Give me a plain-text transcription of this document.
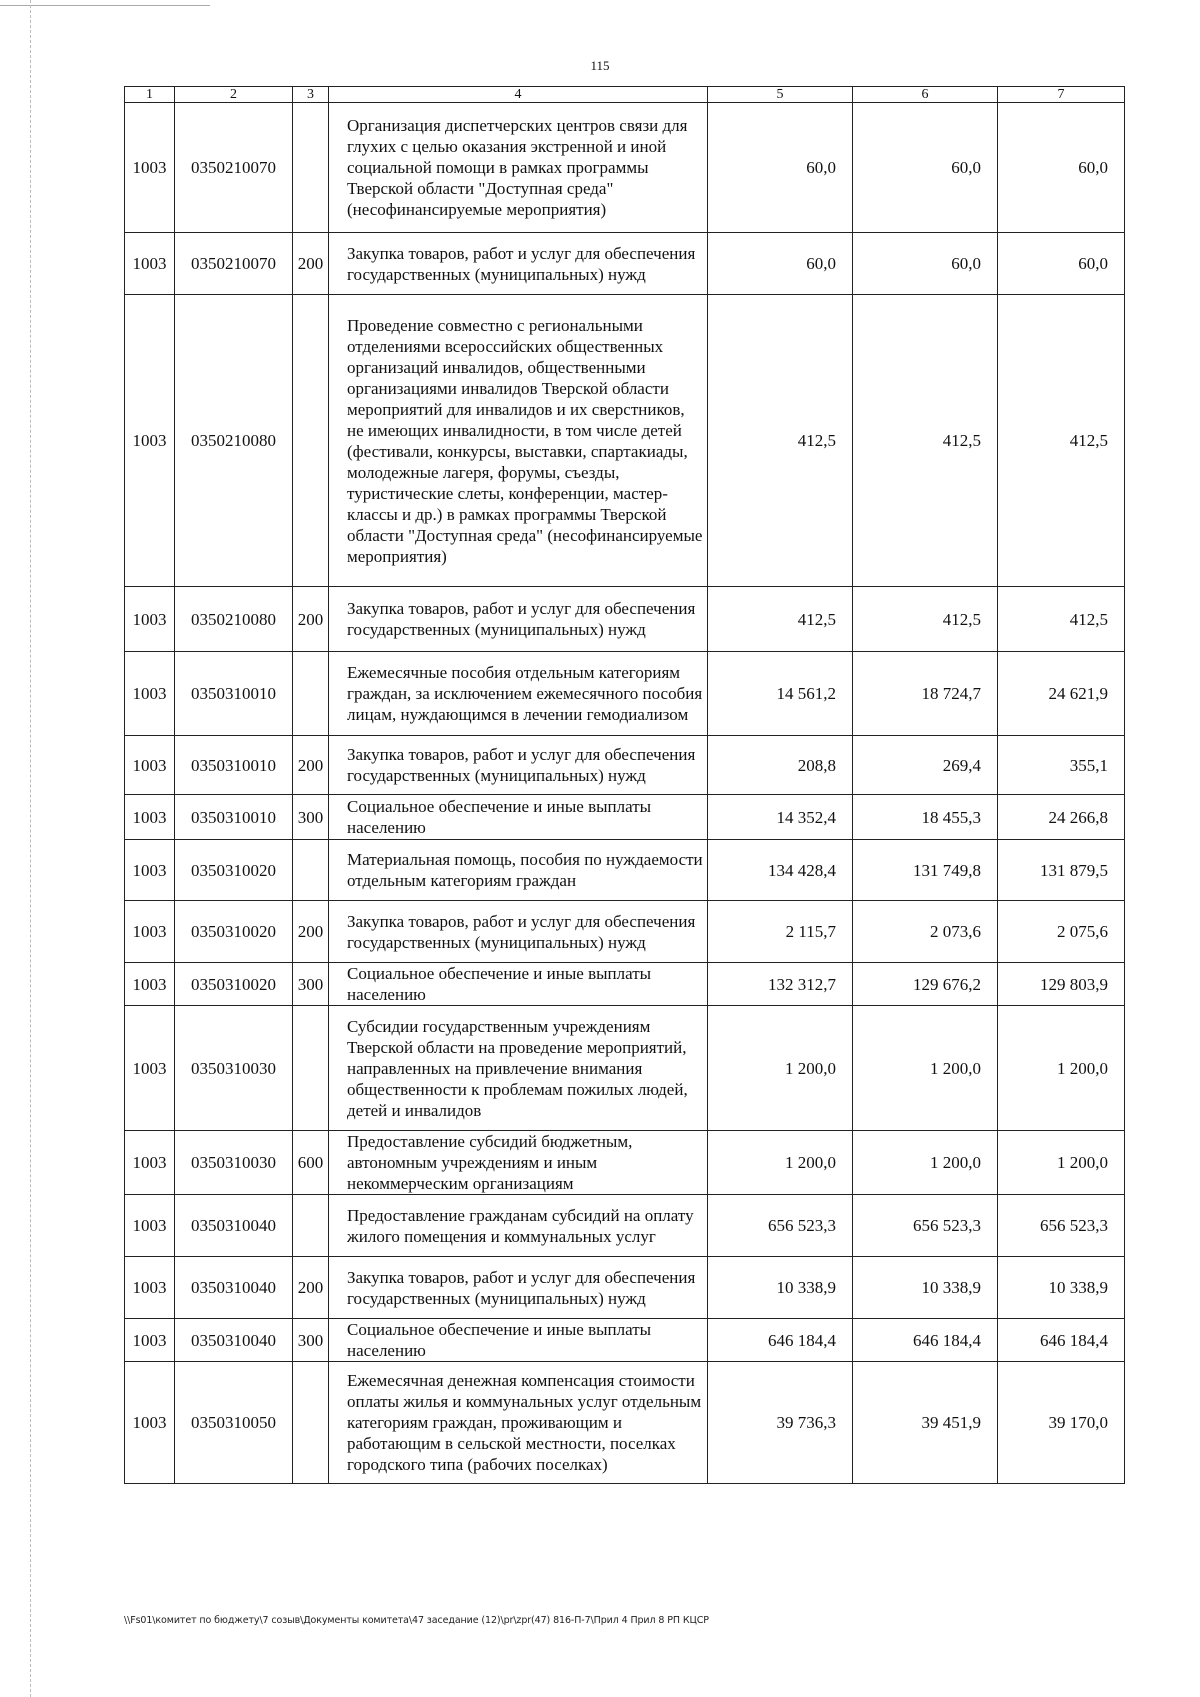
115
1	2	3	4	5	6	7
1003	0350210070		Организация диспетчерских центров связи для глухих с целью оказания экстренной и иной социальной помощи в рамках программы Тверской области "Доступная среда" (несофинансируемые мероприятия)	60,0	60,0	60,0
1003	0350210070	200	Закупка товаров, работ и услуг для обеспечения государственных (муниципальных) нужд	60,0	60,0	60,0
1003	0350210080		Проведение совместно с региональными отделениями всероссийских общественных организаций инвалидов, общественными организациями инвалидов Тверской области мероприятий для инвалидов и их сверстников, не имеющих инвалидности, в том числе детей (фестивали, конкурсы, выставки, спартакиады, молодежные лагеря, форумы, съезды, туристические слеты, конференции, мастер-классы и др.) в рамках программы Тверской области "Доступная среда" (несофинансируемые мероприятия)	412,5	412,5	412,5
1003	0350210080	200	Закупка товаров, работ и услуг для обеспечения государственных (муниципальных) нужд	412,5	412,5	412,5
1003	0350310010		Ежемесячные пособия отдельным категориям граждан, за исключением ежемесячного пособия лицам, нуждающимся в лечении гемодиализом	14 561,2	18 724,7	24 621,9
1003	0350310010	200	Закупка товаров, работ и услуг для обеспечения государственных (муниципальных) нужд	208,8	269,4	355,1
1003	0350310010	300	Социальное обеспечение и иные выплаты населению	14 352,4	18 455,3	24 266,8
1003	0350310020		Материальная помощь, пособия по нуждаемости отдельным категориям граждан	134 428,4	131 749,8	131 879,5
1003	0350310020	200	Закупка товаров, работ и услуг для обеспечения государственных (муниципальных) нужд	2 115,7	2 073,6	2 075,6
1003	0350310020	300	Социальное обеспечение и иные выплаты населению	132 312,7	129 676,2	129 803,9
1003	0350310030		Субсидии государственным учреждениям Тверской области на проведение мероприятий, направленных на привлечение внимания общественности к проблемам пожилых людей, детей и инвалидов	1 200,0	1 200,0	1 200,0
1003	0350310030	600	Предоставление субсидий бюджетным, автономным учреждениям и иным некоммерческим организациям	1 200,0	1 200,0	1 200,0
1003	0350310040		Предоставление гражданам субсидий на оплату жилого помещения и коммунальных услуг	656 523,3	656 523,3	656 523,3
1003	0350310040	200	Закупка товаров, работ и услуг для обеспечения государственных (муниципальных) нужд	10 338,9	10 338,9	10 338,9
1003	0350310040	300	Социальное обеспечение и иные выплаты населению	646 184,4	646 184,4	646 184,4
1003	0350310050		Ежемесячная денежная компенсация стоимости оплаты жилья и коммунальных услуг отдельным категориям граждан, проживающим и работающим в сельской местности, поселках городского типа (рабочих поселках)	39 736,3	39 451,9	39 170,0
\\Fs01\комитет по бюджету\7 созыв\Документы комитета\47 заседание (12)\pr\zpr(47) 816-П-7\Прил 4 Прил 8 РП КЦСР
